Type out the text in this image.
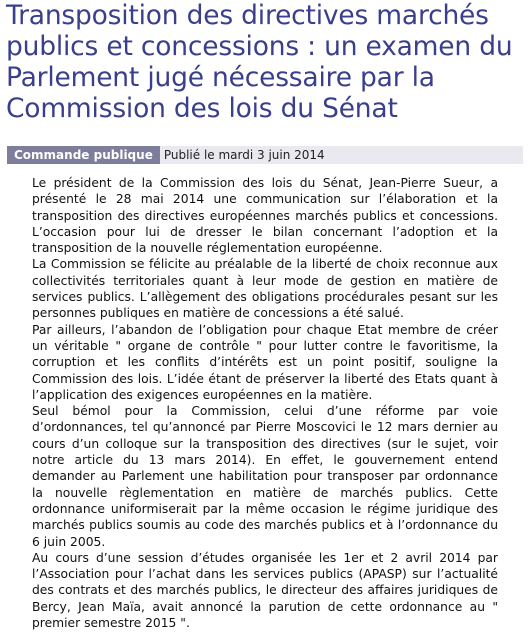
Transposition des directives marchés publics et concessions : un examen du Parlement jugé nécessaire par la Commission des lois du Sénat
Commande publique Publié le mardi 3 juin 2014

Le président de la Commission des lois du Sénat, Jean-Pierre Sueur, a présenté le 28 mai 2014 une communication sur l’élaboration et la transposition des directives européennes marchés publics et concessions. L’occasion pour lui de dresser le bilan concernant l’adoption et la transposition de la nouvelle réglementation européenne.

La Commission se félicite au préalable de la liberté de choix reconnue aux collectivités territoriales quant à leur mode de gestion en matière de services publics. L’allègement des obligations procédurales pesant sur les personnes publiques en matière de concessions a été salué.

Par ailleurs, l’abandon de l’obligation pour chaque Etat membre de créer un véritable " organe de contrôle " pour lutter contre le favoritisme, la corruption et les conflits d’intérêts est un point positif, souligne la Commission des lois. L’idée étant de préserver la liberté des Etats quant à l’application des exigences européennes en la matière.

Seul bémol pour la Commission, celui d’une réforme par voie d’ordonnances, tel qu’annoncé par Pierre Moscovici le 12 mars dernier au cours d’un colloque sur la transposition des directives (sur le sujet, voir notre article du 13 mars 2014). En effet, le gouvernement entend demander au Parlement une habilitation pour transposer par ordonnance la nouvelle règlementation en matière de marchés publics. Cette ordonnance uniformiserait par la même occasion le régime juridique des marchés publics soumis au code des marchés publics et à l’ordonnance du 6 juin 2005.

Au cours d’une session d’études organisée les 1er et 2 avril 2014 par l’Association pour l’achat dans les services publics (APASP) sur l’actualité des contrats et des marchés publics, le directeur des affaires juridiques de Bercy, Jean Maïa, avait annoncé la parution de cette ordonnance au " premier semestre 2015 ".
